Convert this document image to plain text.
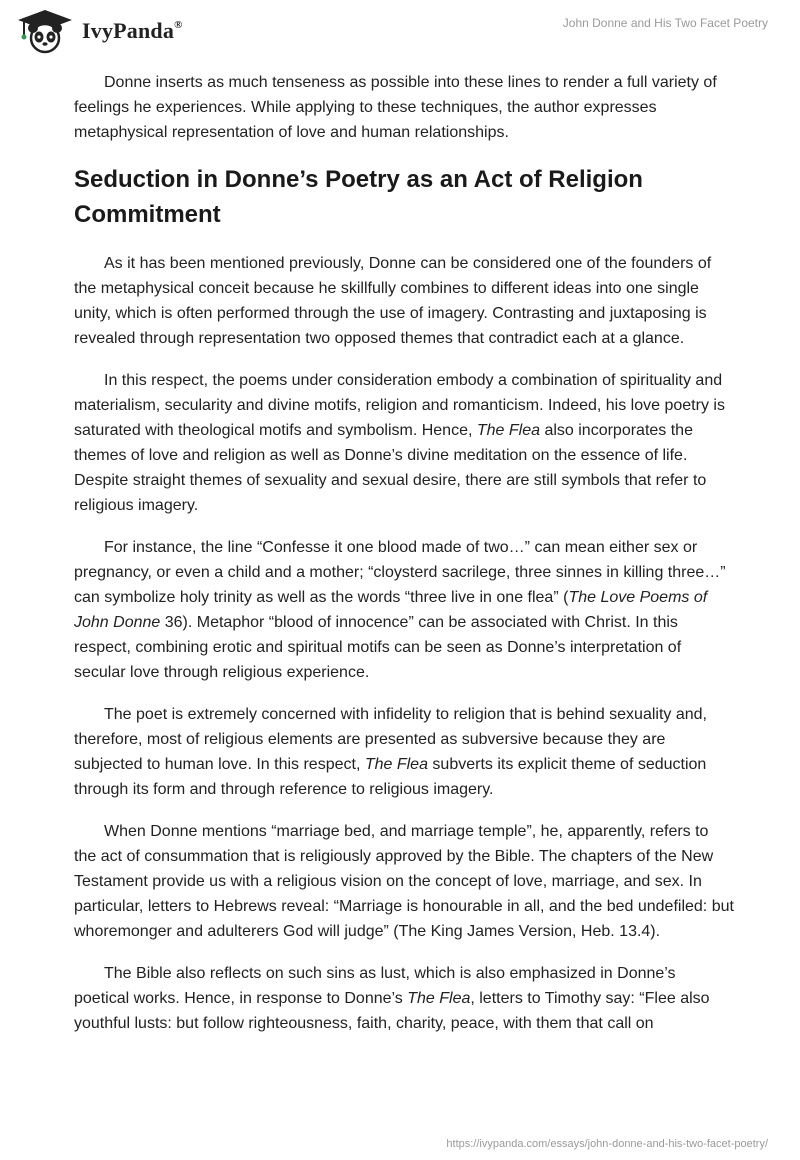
IvyPanda®	John Donne and His Two Facet Poetry

Donne inserts as much tenseness as possible into these lines to render a full variety of feelings he experiences. While applying to these techniques, the author expresses metaphysical representation of love and human relationships.

Seduction in Donne’s Poetry as an Act of Religion Commitment

As it has been mentioned previously, Donne can be considered one of the founders of the metaphysical conceit because he skillfully combines to different ideas into one single unity, which is often performed through the use of imagery. Contrasting and juxtaposing is revealed through representation two opposed themes that contradict each at a glance.

In this respect, the poems under consideration embody a combination of spirituality and materialism, secularity and divine motifs, religion and romanticism. Indeed, his love poetry is saturated with theological motifs and symbolism. Hence, The Flea also incorporates the themes of love and religion as well as Donne’s divine meditation on the essence of life. Despite straight themes of sexuality and sexual desire, there are still symbols that refer to religious imagery.

For instance, the line “Confesse it one blood made of two…” can mean either sex or pregnancy, or even a child and a mother; “cloysterd sacrilege, three sinnes in killing three…” can symbolize holy trinity as well as the words “three live in one flea” (The Love Poems of John Donne 36). Metaphor “blood of innocence” can be associated with Christ. In this respect, combining erotic and spiritual motifs can be seen as Donne’s interpretation of secular love through religious experience.

The poet is extremely concerned with infidelity to religion that is behind sexuality and, therefore, most of religious elements are presented as subversive because they are subjected to human love. In this respect, The Flea subverts its explicit theme of seduction through its form and through reference to religious imagery.

When Donne mentions “marriage bed, and marriage temple”, he, apparently, refers to the act of consummation that is religiously approved by the Bible. The chapters of the New Testament provide us with a religious vision on the concept of love, marriage, and sex. In particular, letters to Hebrews reveal: “Marriage is honourable in all, and the bed undefiled: but whoremonger and adulterers God will judge” (The King James Version, Heb. 13.4).

The Bible also reflects on such sins as lust, which is also emphasized in Donne’s poetical works. Hence, in response to Donne’s The Flea, letters to Timothy say: “Flee also youthful lusts: but follow righteousness, faith, charity, peace, with them that call on

https://ivypanda.com/essays/john-donne-and-his-two-facet-poetry/
